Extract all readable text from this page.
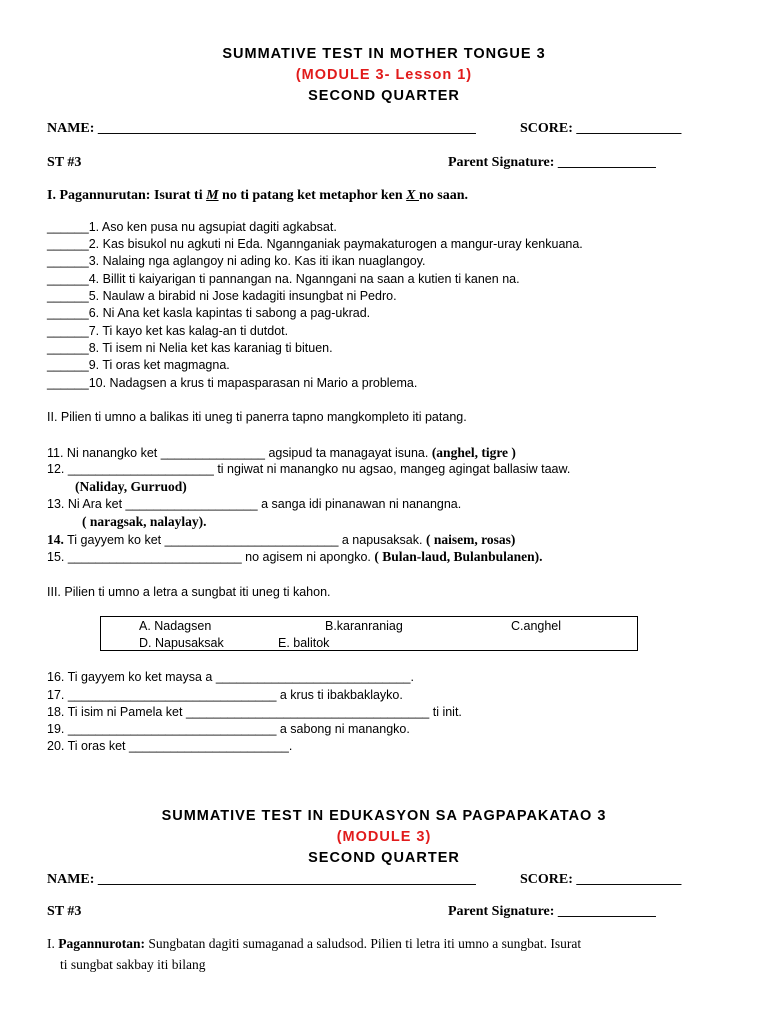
SUMMATIVE TEST IN MOTHER TONGUE 3
(MODULE 3- Lesson 1)
SECOND QUARTER
NAME: ______________________________________________________	SCORE: _______________
ST #3	Parent Signature: ______________
I. Pagannurutan: Isurat ti M no ti patang ket metaphor ken X no saan.
______1. Aso ken pusa nu agsupiat dagiti agkabsat.
______2. Kas bisukol nu agkuti ni Eda. Ngannganiak paymakaturogen a mangur-uray kenkuana.
______3. Nalaing nga aglangoy ni ading ko. Kas iti ikan nuaglangoy.
______4. Billit ti kaiyarigan ti pannangan na. Nganngani na saan a kutien ti kanen na.
______5. Naulaw a birabid ni Jose kadagiti insungbat ni Pedro.
______6. Ni Ana ket kasla kapintas ti sabong a pag-ukrad.
______7. Ti kayo ket kas kalag-an ti dutdot.
______8. Ti isem ni Nelia ket kas karaniag ti bituen.
______9. Ti oras ket magmagna.
______10. Nadagsen a krus ti mapasparasan ni Mario a problema.
II. Pilien ti umno a balikas iti uneg ti panerra tapno mangkompleto iti patang.
11. Ni nanangko ket _______________ agsipud ta managayat isuna. (anghel, tigre )
12. _____________________ ti ngiwat ni manangko nu agsao, mangeg agingat ballasiw taaw.
(Naliday, Gurruod)
13. Ni Ara ket ___________________ a sanga idi pinanawan ni nanangna.
( naragsak, nalaylay).
14. Ti gayyem ko ket _________________________ a napusaksak. ( naisem, rosas)
15. _________________________ no agisem ni apongko. ( Bulan-laud, Bulanbulanen).
III. Pilien ti umno a letra a sungbat iti uneg ti kahon.
A. Nadagsen	B.karanraniag	C.anghel
D. Napusaksak	E. balitok
16. Ti gayyem ko ket maysa a ____________________________.
17. ______________________________ a krus ti ibakbaklayko.
18. Ti isim ni Pamela ket ___________________________________ ti init.
19. ______________________________ a sabong ni manangko.
20. Ti oras ket _______________________.
SUMMATIVE TEST IN EDUKASYON SA PAGPAPAKATAO 3
(MODULE 3)
SECOND QUARTER
NAME: ______________________________________________________	SCORE: _______________
ST #3	Parent Signature: ______________
I. Pagannurotan: Sungbatan dagiti sumaganad a saludsod. Pilien ti letra iti umno a sungbat. Isurat
ti sungbat sakbay iti bilang
